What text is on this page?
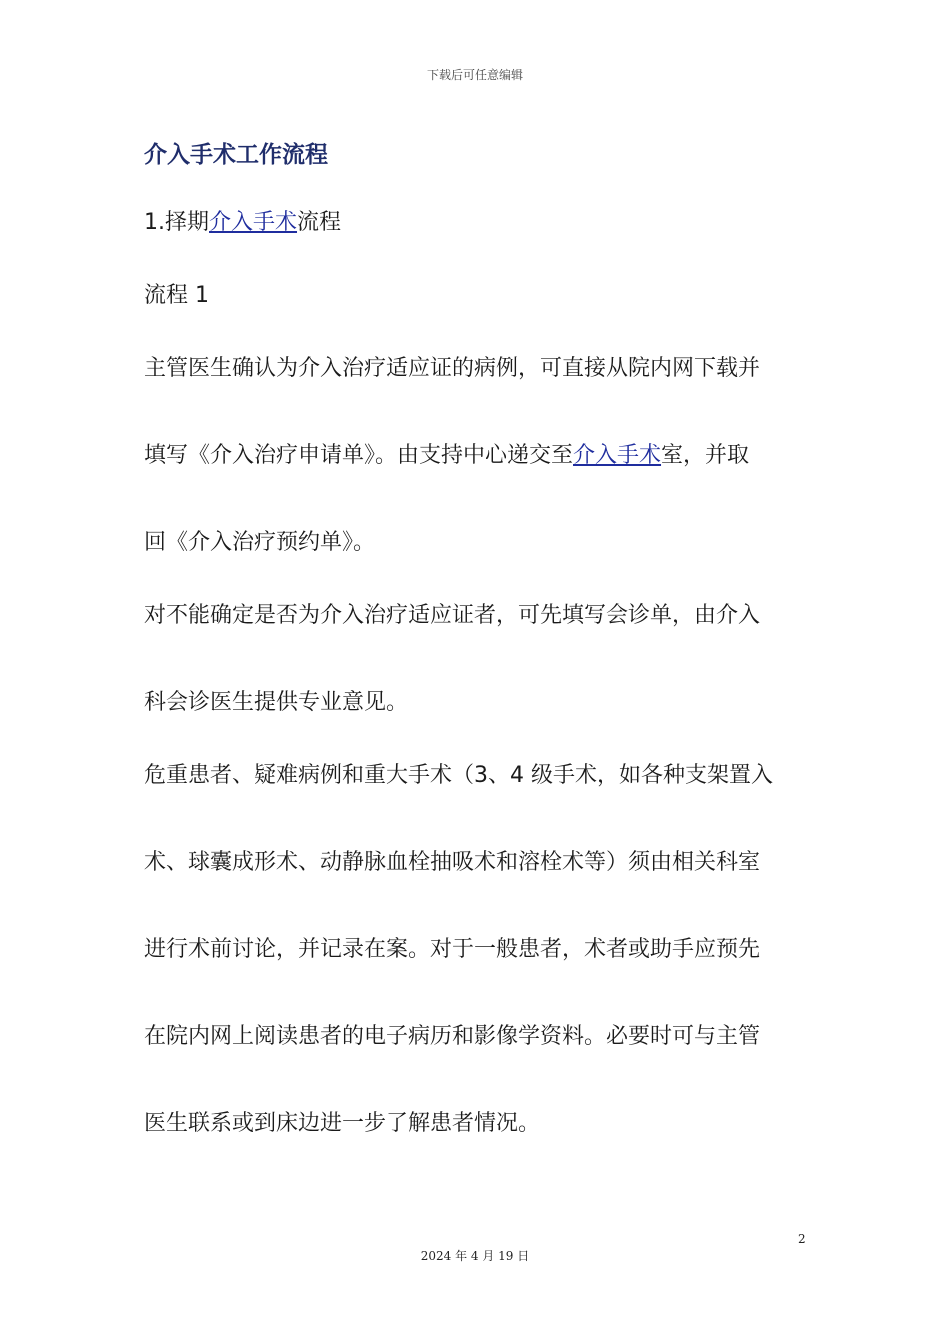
下载后可任意编辑
介入手术工作流程
1.择期介入手术流程
流程 1
主管医生确认为介入治疗适应证的病例，可直接从院内网下载并
填写《介入治疗申请单》。由支持中心递交至介入手术室，并取
回《介入治疗预约单》。
对不能确定是否为介入治疗适应证者，可先填写会诊单，由介入
科会诊医生提供专业意见。
危重患者、疑难病例和重大手术（3、4 级手术，如各种支架置入
术、球囊成形术、动静脉血栓抽吸术和溶栓术等）须由相关科室
进行术前讨论，并记录在案。对于一般患者，术者或助手应预先
在院内网上阅读患者的电子病历和影像学资料。必要时可与主管
医生联系或到床边进一步了解患者情况。
2
2024 年 4 月 19 日
